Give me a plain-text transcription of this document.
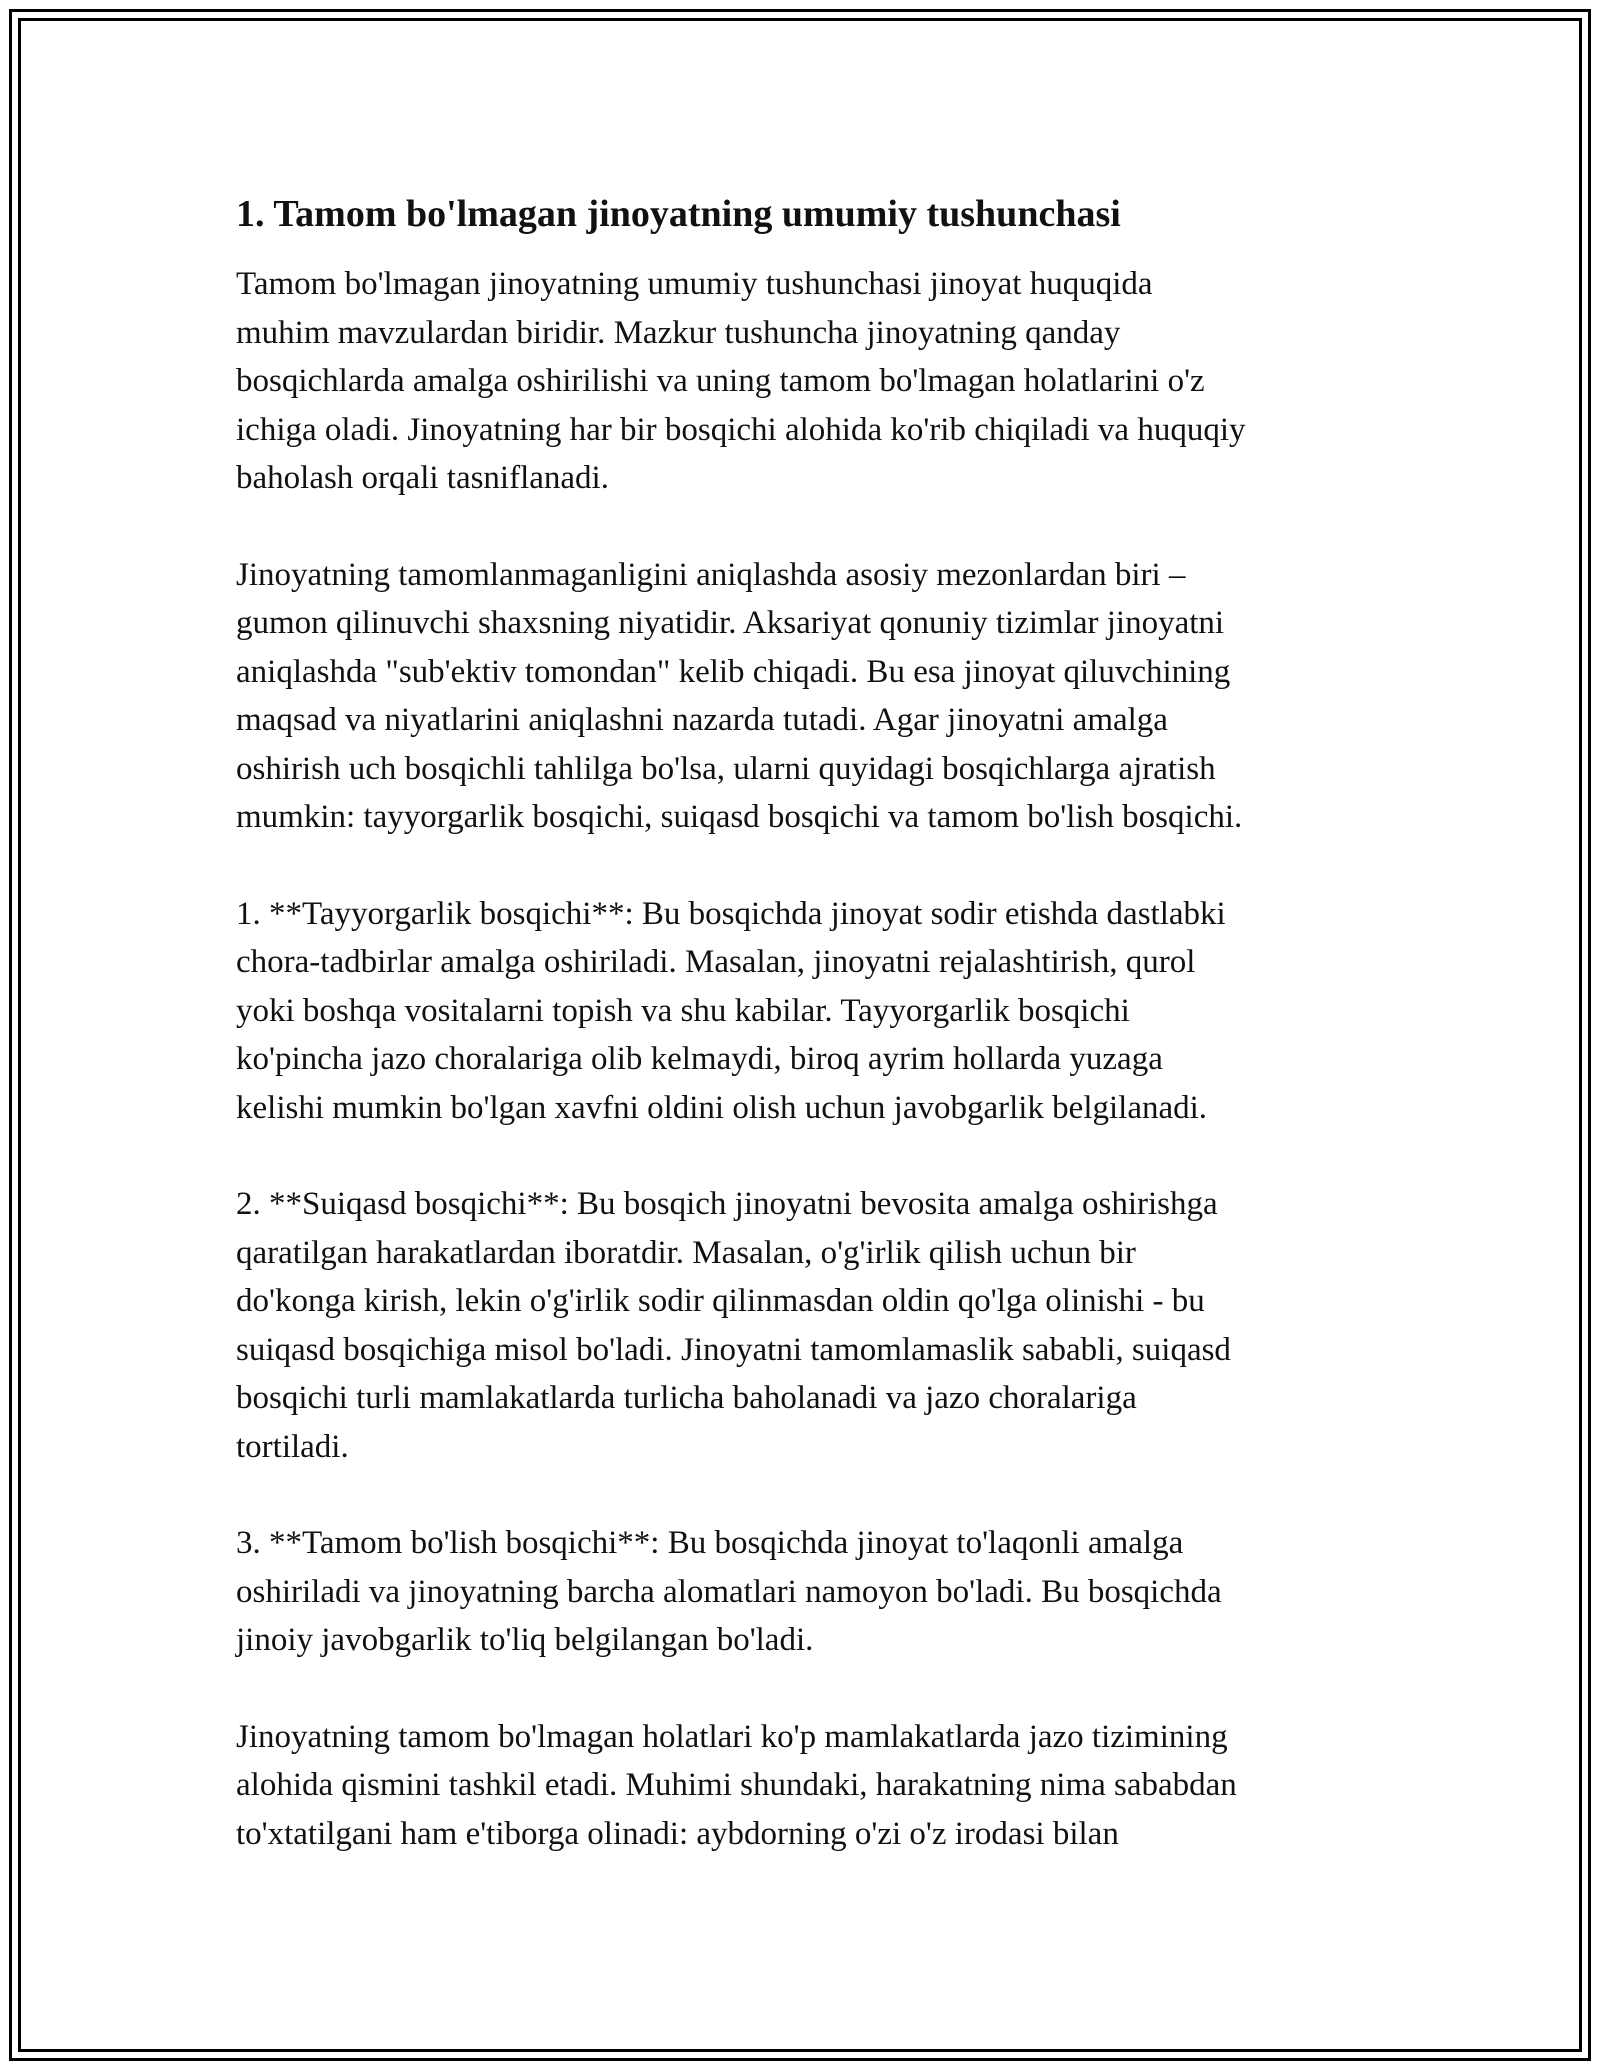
1. Tamom bo'lmagan jinoyatning umumiy tushunchasi
Tamom bo'lmagan jinoyatning umumiy tushunchasi jinoyat huquqida
muhim mavzulardan biridir. Mazkur tushuncha jinoyatning qanday
bosqichlarda amalga oshirilishi va uning tamom bo'lmagan holatlarini o'z
ichiga oladi. Jinoyatning har bir bosqichi alohida ko'rib chiqiladi va huquqiy
baholash orqali tasniflanadi.
Jinoyatning tamomlanmaganligini aniqlashda asosiy mezonlardan biri –
gumon qilinuvchi shaxsning niyatidir. Aksariyat qonuniy tizimlar jinoyatni
aniqlashda "sub'ektiv tomondan" kelib chiqadi. Bu esa jinoyat qiluvchining
maqsad va niyatlarini aniqlashni nazarda tutadi. Agar jinoyatni amalga
oshirish uch bosqichli tahlilga bo'lsa, ularni quyidagi bosqichlarga ajratish
mumkin: tayyorgarlik bosqichi, suiqasd bosqichi va tamom bo'lish bosqichi.
1. **Tayyorgarlik bosqichi**: Bu bosqichda jinoyat sodir etishda dastlabki
chora-tadbirlar amalga oshiriladi. Masalan, jinoyatni rejalashtirish, qurol
yoki boshqa vositalarni topish va shu kabilar. Tayyorgarlik bosqichi
ko'pincha jazo choralariga olib kelmaydi, biroq ayrim hollarda yuzaga
kelishi mumkin bo'lgan xavfni oldini olish uchun javobgarlik belgilanadi.
2. **Suiqasd bosqichi**: Bu bosqich jinoyatni bevosita amalga oshirishga
qaratilgan harakatlardan iboratdir. Masalan, o'g'irlik qilish uchun bir
do'konga kirish, lekin o'g'irlik sodir qilinmasdan oldin qo'lga olinishi - bu
suiqasd bosqichiga misol bo'ladi. Jinoyatni tamomlamaslik sababli, suiqasd
bosqichi turli mamlakatlarda turlicha baholanadi va jazo choralariga
tortiladi.
3. **Tamom bo'lish bosqichi**: Bu bosqichda jinoyat to'laqonli amalga
oshiriladi va jinoyatning barcha alomatlari namoyon bo'ladi. Bu bosqichda
jinoiy javobgarlik to'liq belgilangan bo'ladi.
Jinoyatning tamom bo'lmagan holatlari ko'p mamlakatlarda jazo tizimining
alohida qismini tashkil etadi. Muhimi shundaki, harakatning nima sababdan
to'xtatilgani ham e'tiborga olinadi: aybdorning o'zi o'z irodasi bilan
